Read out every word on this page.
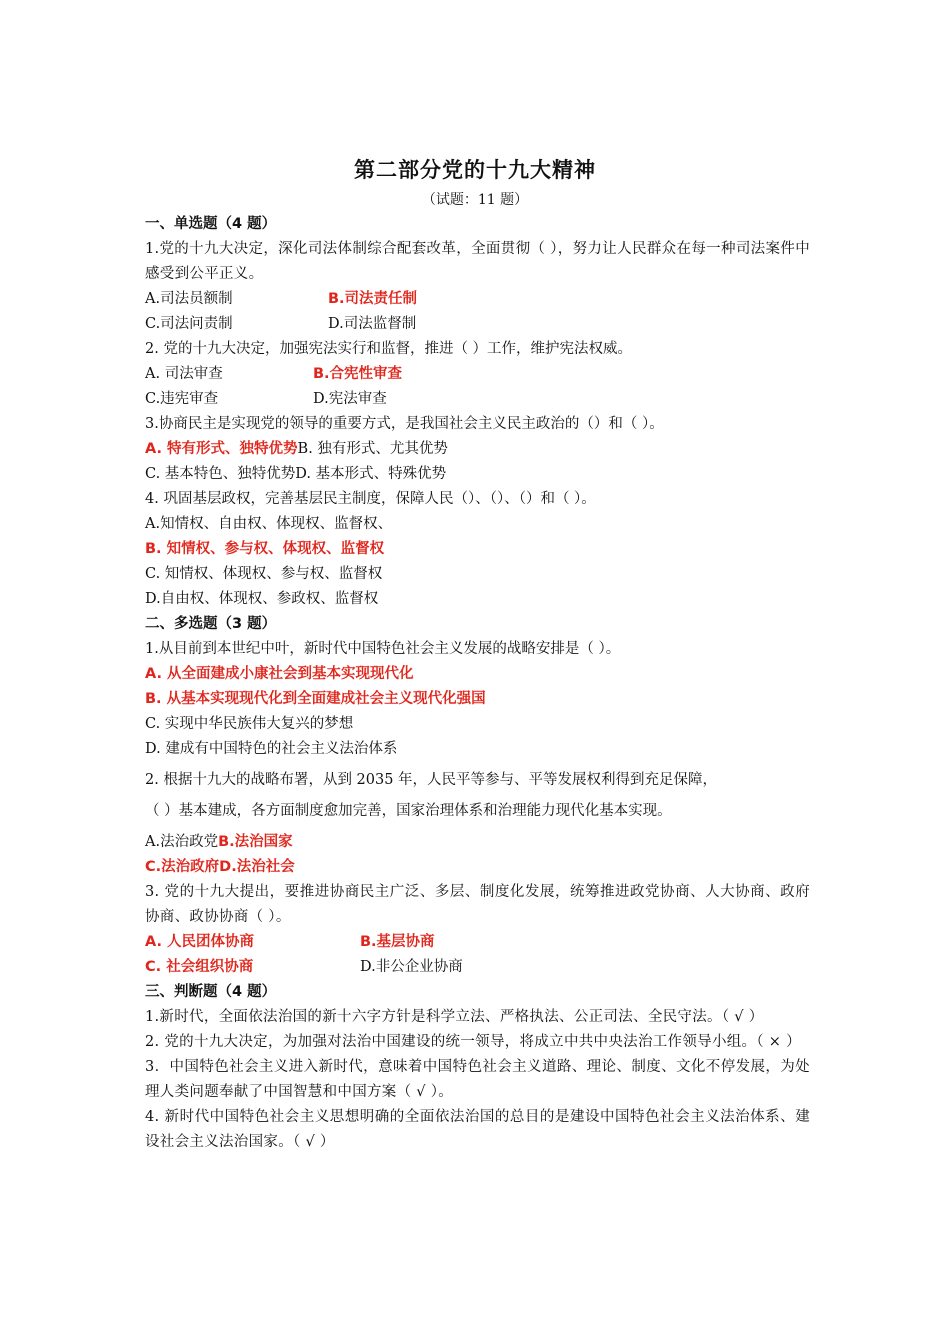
第二部分党的十九大精神
（试题：11 题）
一、单选题（4 题）
1.党的十九大决定，深化司法体制综合配套改革，全面贯彻（ ），努力让人民群众在每一种司法案件中感受到公平正义。
A.司法员额制	B.司法责任制
C.司法问责制	D.司法监督制
2. 党的十九大决定，加强宪法实行和监督，推进（ ）工作，维护宪法权威。
A. 司法审查	B.合宪性审查
C.违宪审查	D.宪法审查
3.协商民主是实现党的领导的重要方式，是我国社会主义民主政治的（）和（ ）。
A. 特有形式、独特优势B. 独有形式、尤其优势
C. 基本特色、独特优势D. 基本形式、特殊优势
4. 巩固基层政权，完善基层民主制度，保障人民（）、（）、（）和（ ）。
A.知情权、自由权、体现权、监督权、
B. 知情权、参与权、体现权、监督权
C. 知情权、体现权、参与权、监督权
D.自由权、体现权、参政权、监督权
二、多选题（3 题）
1.从目前到本世纪中叶，新时代中国特色社会主义发展的战略安排是（ ）。
A. 从全面建成小康社会到基本实现现代化
B. 从基本实现现代化到全面建成社会主义现代化强国
C. 实现中华民族伟大复兴的梦想
D. 建成有中国特色的社会主义法治体系
2. 根据十九大的战略布署，从到 2035 年，人民平等参与、平等发展权利得到充足保障，
（ ）基本建成，各方面制度愈加完善，国家治理体系和治理能力现代化基本实现。
A.法治政党B.法治国家
C.法治政府D.法治社会
3. 党的十九大提出，要推进协商民主广泛、多层、制度化发展，统筹推进政党协商、人大协商、政府协商、政协协商（ ）。
A. 人民团体协商	B.基层协商
C. 社会组织协商	D.非公企业协商
三、判断题（4 题）
1.新时代，全面依法治国的新十六字方针是科学立法、严格执法、公正司法、全民守法。（ √ ）
2. 党的十九大决定，为加强对法治中国建设的统一领导，将成立中共中央法治工作领导小组。（ × ）
3．中国特色社会主义进入新时代，意味着中国特色社会主义道路、理论、制度、文化不停发展，为处理人类问题奉献了中国智慧和中国方案（ √ ）。
4. 新时代中国特色社会主义思想明确的全面依法治国的总目的是建设中国特色社会主义法治体系、建设社会主义法治国家。（ √ ）
